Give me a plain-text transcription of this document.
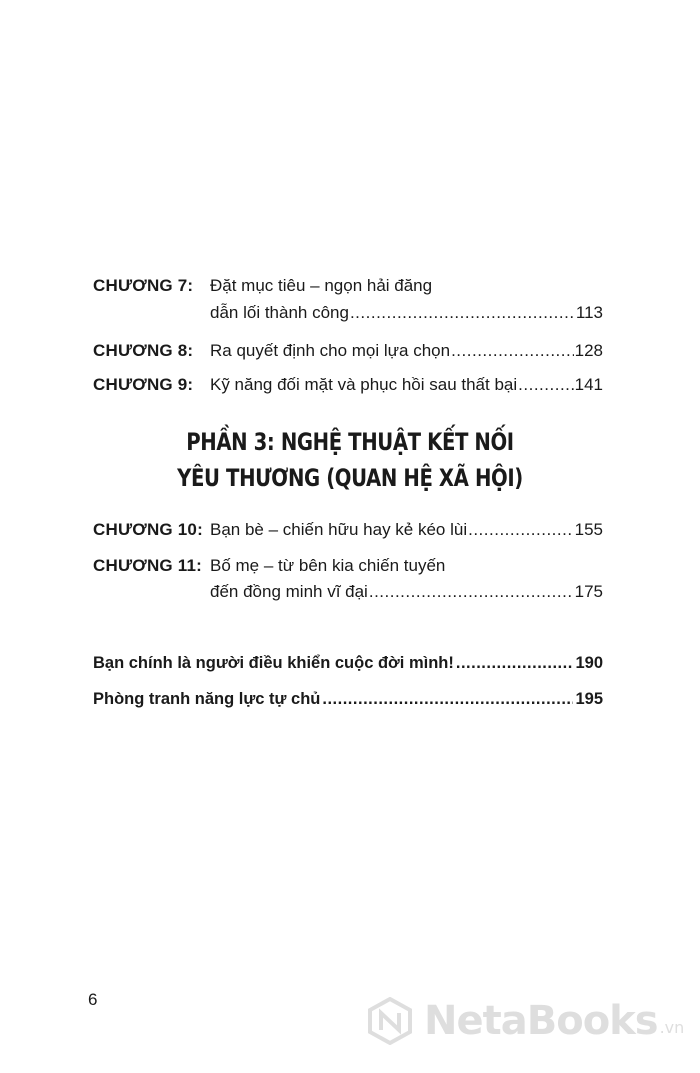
CHƯƠNG 7: Đặt mục tiêu – ngọn hải đăng
dẫn lối thành công .....	113
CHƯƠNG 8: Ra quyết định cho mọi lựa chọn .....	128
CHƯƠNG 9: Kỹ năng đối mặt và phục hồi sau thất bại .....	141
PHẦN 3: NGHỆ THUẬT KẾT NỐI
YÊU THƯƠNG (QUAN HỆ XÃ HỘI)
CHƯƠNG 10: Bạn bè – chiến hữu hay kẻ kéo lùi .....	155
CHƯƠNG 11: Bố mẹ – từ bên kia chiến tuyến
đến đồng minh vĩ đại .....	175
Bạn chính là người điều khiển cuộc đời mình! .....	190
Phòng tranh năng lực tự chủ .....	195
6	NetaBooks .vn
